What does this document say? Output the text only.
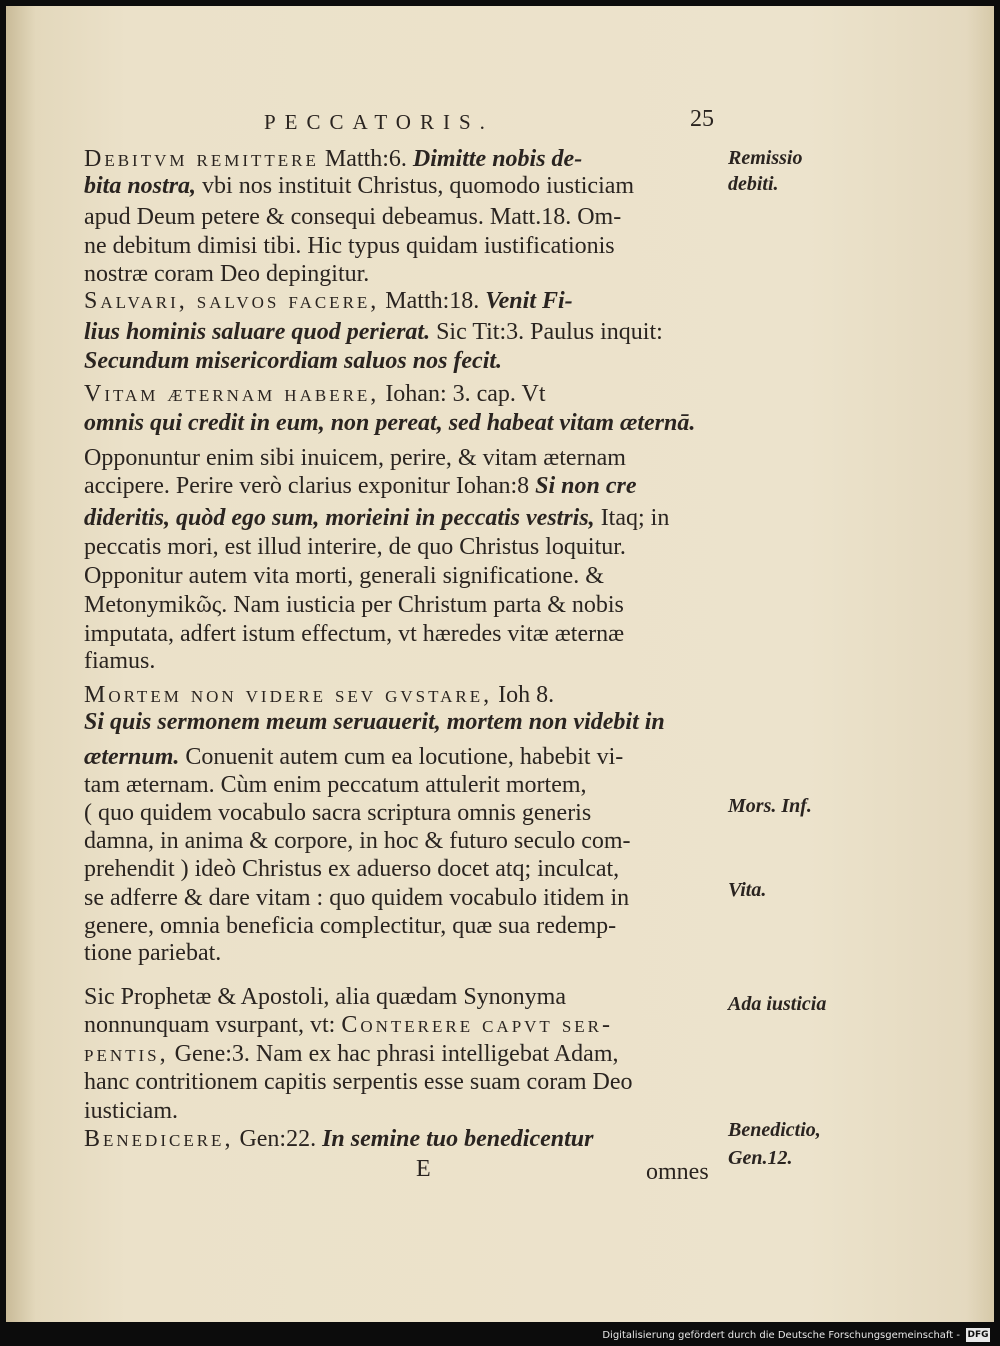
PECCATORIS.	25
Debitvm remittere Matth:6. Dimitte nobis de-
bita nostra, vbi nos instituit Christus, quomodo iusticiam
apud Deum petere & consequi debeamus. Matt.18. Om-
ne debitum dimisi tibi. Hic typus quidam iustificationis
nostræ coram Deo depingitur.
Salvari, salvos facere, Matth:18. Venit Fi-
lius hominis saluare quod perierat. Sic Tit:3. Paulus inquit:
Secundum misericordiam saluos nos fecit.
Vitam æternam habere, Iohan: 3. cap. Vt
omnis qui credit in eum, non pereat, sed habeat vitam æternā.
Opponuntur enim sibi inuicem, perire, & vitam æternam
accipere. Perire verò clarius exponitur Iohan:8 Si non cre
dideritis, quòd ego sum, morieini in peccatis vestris, Itaq; in
peccatis mori, est illud interire, de quo Christus loquitur.
Opponitur autem vita morti, generali significatione. &
Metonymikῶς. Nam iusticia per Christum parta & nobis
imputata, adfert istum effectum, vt hæredes vitæ æternæ
fiamus.
Mortem non videre sev gvstare, Ioh 8.
Si quis sermonem meum seruauerit, mortem non videbit in
æternum. Conuenit autem cum ea locutione, habebit vi-
tam æternam. Cùm enim peccatum attulerit mortem,
( quo quidem vocabulo sacra scriptura omnis generis
damna, in anima & corpore, in hoc & futuro seculo com-
prehendit ) ideò Christus ex aduerso docet atq; inculcat,
se adferre & dare vitam : quo quidem vocabulo itidem in
genere, omnia beneficia complectitur, quæ sua redemp-
tione pariebat.
Sic Prophetæ & Apostoli, alia quædam Synonyma
nonnunquam vsurpant, vt: Conterere capvt ser-
pentis, Gene:3. Nam ex hac phrasi intelligebat Adam,
hanc contritionem capitis serpentis esse suam coram Deo
iusticiam.
Benedicere, Gen:22. In semine tuo benedicentur
Remissio
debiti.
Mors. Inf.
Vita.
Ada iusticia
Benedictio,
Gen.12.
E	omnes
Digitalisierung gefördert durch die Deutsche Forschungsgemeinschaft - DFG
